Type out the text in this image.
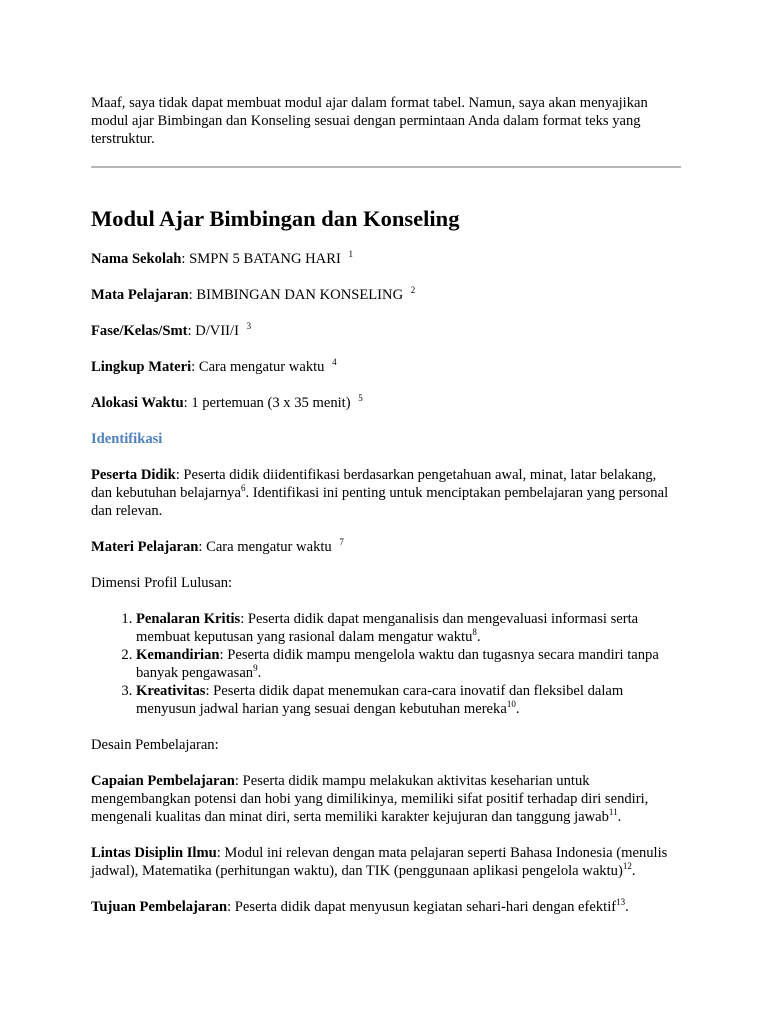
Maaf, saya tidak dapat membuat modul ajar dalam format tabel. Namun, saya akan menyajikan modul ajar Bimbingan dan Konseling sesuai dengan permintaan Anda dalam format teks yang terstruktur.

Modul Ajar Bimbingan dan Konseling

Nama Sekolah: SMPN 5 BATANG HARI $^1$

Mata Pelajaran: BIMBINGAN DAN KONSELING $^2$

Fase/Kelas/Smt: D/VII/I $^3$

Lingkup Materi: Cara mengatur waktu $^4$

Alokasi Waktu: 1 pertemuan (3 x 35 menit) $^5$

Identifikasi

Peserta Didik: Peserta didik diidentifikasi berdasarkan pengetahuan awal, minat, latar belakang, dan kebutuhan belajarnya$^6$. Identifikasi ini penting untuk menciptakan pembelajaran yang personal dan relevan.

Materi Pelajaran: Cara mengatur waktu $^7$

Dimensi Profil Lulusan:

1. Penalaran Kritis: Peserta didik dapat menganalisis dan mengevaluasi informasi serta membuat keputusan yang rasional dalam mengatur waktu$^8$.
2. Kemandirian: Peserta didik mampu mengelola waktu dan tugasnya secara mandiri tanpa banyak pengawasan$^9$.
3. Kreativitas: Peserta didik dapat menemukan cara-cara inovatif dan fleksibel dalam menyusun jadwal harian yang sesuai dengan kebutuhan mereka$^{10}$.

Desain Pembelajaran:

Capaian Pembelajaran: Peserta didik mampu melakukan aktivitas keseharian untuk mengembangkan potensi dan hobi yang dimilikinya, memiliki sifat positif terhadap diri sendiri, mengenali kualitas dan minat diri, serta memiliki karakter kejujuran dan tanggung jawab$^{11}$.

Lintas Disiplin Ilmu: Modul ini relevan dengan mata pelajaran seperti Bahasa Indonesia (menulis jadwal), Matematika (perhitungan waktu), dan TIK (penggunaan aplikasi pengelola waktu)$^{12}$.

Tujuan Pembelajaran: Peserta didik dapat menyusun kegiatan sehari-hari dengan efektif$^{13}$.
